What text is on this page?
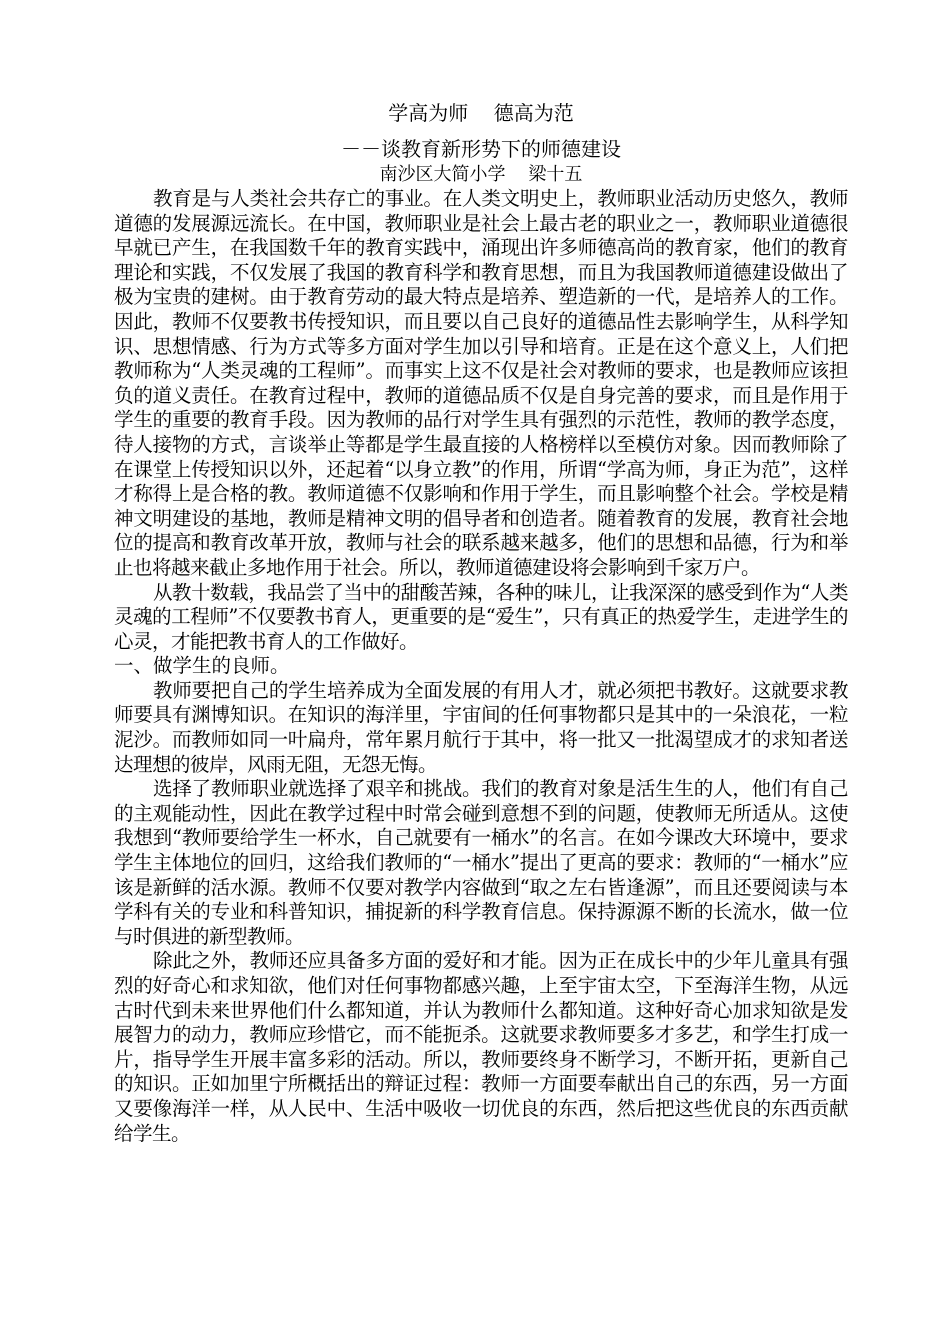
学高为师    德高为范
－－谈教育新形势下的师德建设
南沙区大简小学    梁十五

教育是与人类社会共存亡的事业。在人类文明史上，教师职业活动历史悠久，教师道德的发展源远流长。在中国，教师职业是社会上最古老的职业之一，教师职业道德很早就已产生，在我国数千年的教育实践中，涌现出许多师德高尚的教育家，他们的教育理论和实践，不仅发展了我国的教育科学和教育思想，而且为我国教师道德建设做出了极为宝贵的建树。由于教育劳动的最大特点是培养、塑造新的一代，是培养人的工作。因此，教师不仅要教书传授知识，而且要以自己良好的道德品性去影响学生，从科学知识、思想情感、行为方式等多方面对学生加以引导和培育。正是在这个意义上，人们把教师称为“人类灵魂的工程师”。而事实上这不仅是社会对教师的要求，也是教师应该担负的道义责任。在教育过程中，教师的道德品质不仅是自身完善的要求，而且是作用于学生的重要的教育手段。因为教师的品行对学生具有强烈的示范性，教师的教学态度，待人接物的方式，言谈举止等都是学生最直接的人格榜样以至模仿对象。因而教师除了在课堂上传授知识以外，还起着“以身立教”的作用，所谓“学高为师，身正为范”，这样才称得上是合格的教。教师道德不仅影响和作用于学生，而且影响整个社会。学校是精神文明建设的基地，教师是精神文明的倡导者和创造者。随着教育的发展，教育社会地位的提高和教育改革开放，教师与社会的联系越来越多，他们的思想和品德，行为和举止也将越来截止多地作用于社会。所以，教师道德建设将会影响到千家万户。

从教十数载，我品尝了当中的甜酸苦辣，各种的味儿，让我深深的感受到作为“人类灵魂的工程师”不仅要教书育人，更重要的是“爱生”，只有真正的热爱学生，走进学生的心灵，才能把教书育人的工作做好。

一、做学生的良师。

教师要把自己的学生培养成为全面发展的有用人才，就必须把书教好。这就要求教师要具有渊博知识。在知识的海洋里，宇宙间的任何事物都只是其中的一朵浪花，一粒泥沙。而教师如同一叶扁舟，常年累月航行于其中，将一批又一批渴望成才的求知者送达理想的彼岸，风雨无阻，无怨无悔。

选择了教师职业就选择了艰辛和挑战。我们的教育对象是活生生的人，他们有自己的主观能动性，因此在教学过程中时常会碰到意想不到的问题，使教师无所适从。这使我想到“教师要给学生一杯水，自己就要有一桶水”的名言。在如今课改大环境中，要求学生主体地位的回归，这给我们教师的“一桶水”提出了更高的要求：教师的“一桶水”应该是新鲜的活水源。教师不仅要对教学内容做到“取之左右皆逢源”，而且还要阅读与本学科有关的专业和科普知识，捕捉新的科学教育信息。保持源源不断的长流水，做一位与时俱进的新型教师。

除此之外，教师还应具备多方面的爱好和才能。因为正在成长中的少年儿童具有强烈的好奇心和求知欲，他们对任何事物都感兴趣，上至宇宙太空，下至海洋生物，从远古时代到未来世界他们什么都知道，并认为教师什么都知道。这种好奇心加求知欲是发展智力的动力，教师应珍惜它，而不能扼杀。这就要求教师要多才多艺，和学生打成一片，指导学生开展丰富多彩的活动。所以，教师要终身不断学习，不断开拓，更新自己的知识。正如加里宁所概括出的辩证过程：教师一方面要奉献出自己的东西，另一方面又要像海洋一样，从人民中、生活中吸收一切优良的东西，然后把这些优良的东西贡献给学生。
